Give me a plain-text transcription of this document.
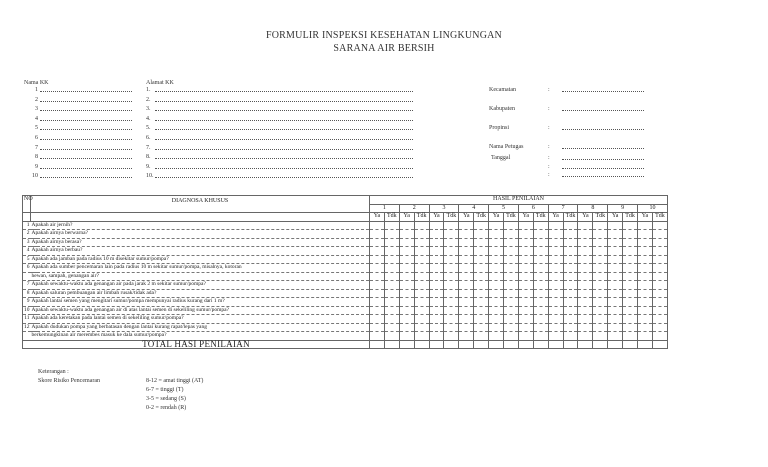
FORMULIR INSPEKSI KESEHATAN LINGKUNGAN
SARANA AIR BERSIH
Nama KK	Alamat KK
1	1.
2	2.
3	3.
4	4.
5	5.
6	6.
7	7.
8	8.
9	9.
10	10.
Kecamatan	:
Kabupaten	:
Propinsi	:
Nama Petugas	:
Tanggal	:
:
:
NO	DIAGNOSA KHUSUS	HASIL PENILAIAN																			
		1		2		3		4		5		6		7		8		9		10	
		Ya	Tdk	Ya	Tdk	Ya	Tdk	Ya	Tdk	Ya	Tdk	Ya	Tdk	Ya	Tdk	Ya	Tdk	Ya	Tdk	Ya	Tdk
1	Apakah air jernih?																				
2	Apakah airnya berwarna?																				
3	Apakah airnya berasa?																				
4	Apakah airnya berbau?																				
5	Apakah ada jamban pada radius 10 m disekitar sumur/pompa?																				
6	Apakah ada sumber pencemaran lain pada radius 10 m sekitar sumur/pompa, misalnya, kotoran																				
	hewan, sampah, genangan air?																				
7	Apakah sewaktu-waktu ada genangan air pada jarak 2 m sekitar sumur/pompa?																				
8	Apakah saluran pembuangan air limbah rusak/tidak ada?																				
9	Apakah lantai semen yang mengitari sumur/pompa mempunyai radius kurang dari 1 m?																				
10	Apakah sewaktu-waktu ada genangan air di atas lantai semen di sekeliling sumur/pompa?																				
11	Apakah ada keretakan pada lantai semen di sekeliling sumur/pompa?																				
12	Apakah dudukan pompa yang berbatasan dengan lantai kurang rapat/lepas yang																				
	berkemungkinan air merembes masuk ke dala sumur/pompa?																				
TOTAL HASI PENILAIAN																					
Keterangan :
Skore Risiko Pencemaran	8-12 = amat tinggi (AT)
6-7 = tinggi (T)
3-5 = sedang (S)
0-2 = rendah (R)
